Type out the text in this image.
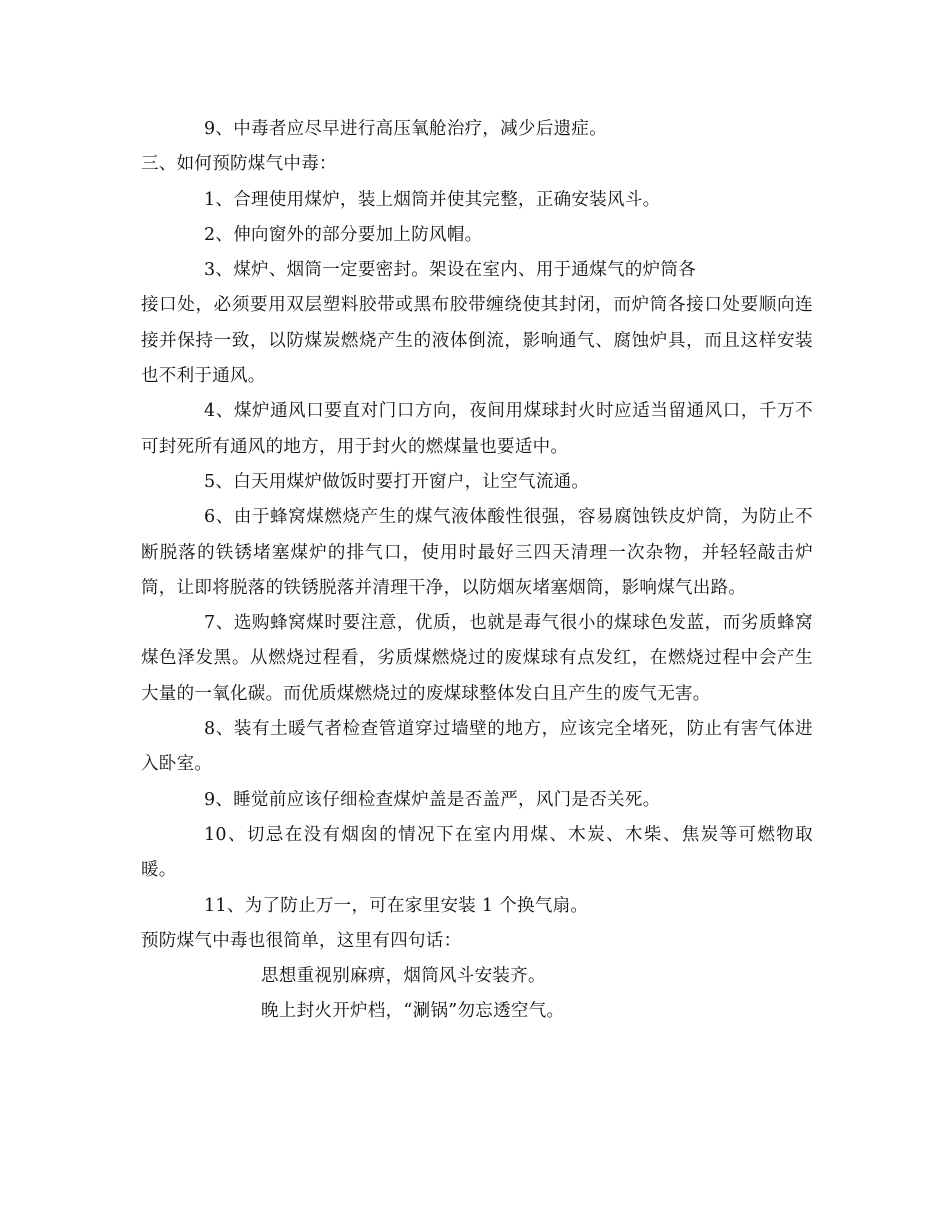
9、中毒者应尽早进行高压氧舱治疗，减少后遗症。

三、如何预防煤气中毒：

1、合理使用煤炉，装上烟筒并使其完整，正确安装风斗。

2、伸向窗外的部分要加上防风帽。

3、煤炉、烟筒一定要密封。架设在室内、用于通煤气的炉筒各

接口处，必须要用双层塑料胶带或黑布胶带缠绕使其封闭，而炉筒各接口处要顺向连接并保持一致，以防煤炭燃烧产生的液体倒流，影响通气、腐蚀炉具，而且这样安装也不利于通风。

4、煤炉通风口要直对门口方向，夜间用煤球封火时应适当留通风口，千万不可封死所有通风的地方，用于封火的燃煤量也要适中。

5、白天用煤炉做饭时要打开窗户，让空气流通。

6、由于蜂窝煤燃烧产生的煤气液体酸性很强，容易腐蚀铁皮炉筒，为防止不断脱落的铁锈堵塞煤炉的排气口，使用时最好三四天清理一次杂物，并轻轻敲击炉筒，让即将脱落的铁锈脱落并清理干净，以防烟灰堵塞烟筒，影响煤气出路。

7、选购蜂窝煤时要注意，优质，也就是毒气很小的煤球色发蓝，而劣质蜂窝煤色泽发黑。从燃烧过程看，劣质煤燃烧过的废煤球有点发红，在燃烧过程中会产生大量的一氧化碳。而优质煤燃烧过的废煤球整体发白且产生的废气无害。

8、装有土暖气者检查管道穿过墙壁的地方，应该完全堵死，防止有害气体进入卧室。

9、睡觉前应该仔细检查煤炉盖是否盖严，风门是否关死。

10、切忌在没有烟囱的情况下在室内用煤、木炭、木柴、焦炭等可燃物取暖。

11、为了防止万一，可在家里安装 1 个换气扇。

预防煤气中毒也很简单，这里有四句话：

思想重视别麻痹，烟筒风斗安装齐。

晚上封火开炉档，“涮锅”勿忘透空气。
